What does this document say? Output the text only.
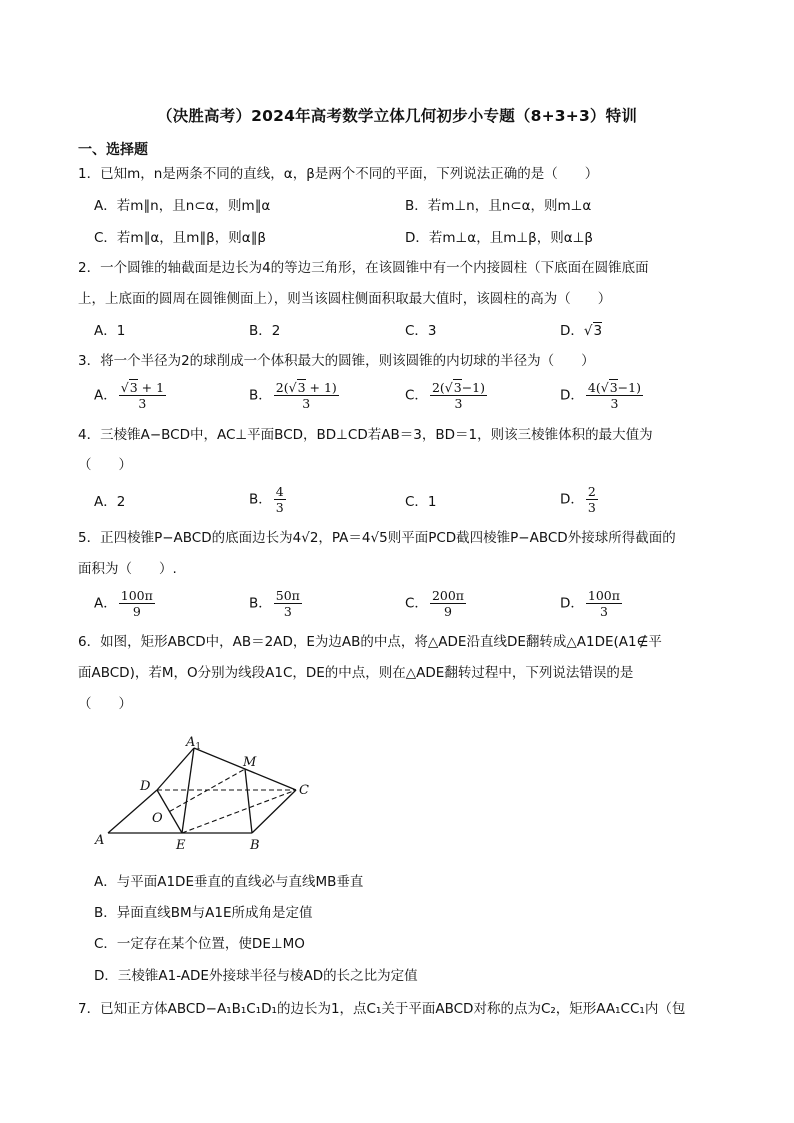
（决胜高考）2024年高考数学立体几何初步小专题（8+3+3）特训
一、选择题
1．已知m，n是两条不同的直线，α，β是两个不同的平面，下列说法正确的是（　　）
A．若m∥n，且n⊂α，则m∥α	B．若m⊥n，且n⊂α，则m⊥α
C．若m∥α，且m∥β，则α∥β	D．若m⊥α，且m⊥β，则α⊥β
2．一个圆锥的轴截面是边长为4的等边三角形，在该圆锥中有一个内接圆柱（下底面在圆锥底面
上，上底面的圆周在圆锥侧面上），则当该圆柱侧面积取最大值时，该圆柱的高为（　　）
A．1	B．2	C．3	D．√3
3．将一个半径为2的球削成一个体积最大的圆锥，则该圆锥的内切球的半径为（　　）
A． $\frac{√3 + 1}{3}$	B． $\frac{2(√3 + 1)}{3}$	C． $\frac{2(√3-1)}{3}$	D． $\frac{4(√3-1)}{3}$
4．三棱锥A−BCD中，AC⊥平面BCD，BD⊥CD若AB＝3，BD＝1，则该三棱锥体积的最大值为
（　　）
A．2	B． $\frac{4}{3}$	C．1	D． $\frac{2}{3}$
5．正四棱锥P−ABCD的底面边长为4√2，PA＝4√5则平面PCD截四棱锥P−ABCD外接球所得截面的
面积为（　　）.
A． $\frac{100\pi}{9}$	B． $\frac{50\pi}{3}$	C． $\frac{200\pi}{9}$	D． $\frac{100\pi}{3}$
6．如图，矩形ABCD中，AB＝2AD，E为边AB的中点，将△ADE沿直线DE翻转成△A1DE(A1∉平
面ABCD)，若M，O分别为线段A1C，DE的中点，则在△ADE翻转过程中，下列说法错误的是
（　　）
$A_1$
M
D	C
O
A	E	B
A．与平面A1DE垂直的直线必与直线MB垂直
B．异面直线BM与A1E所成角是定值
C．一定存在某个位置，使DE⊥MO
D．三棱锥A1-ADE外接球半径与棱AD的长之比为定值
7．已知正方体ABCD−A₁B₁C₁D₁的边长为1，点C₁关于平面ABCD对称的点为C₂，矩形AA₁CC₁内（包
